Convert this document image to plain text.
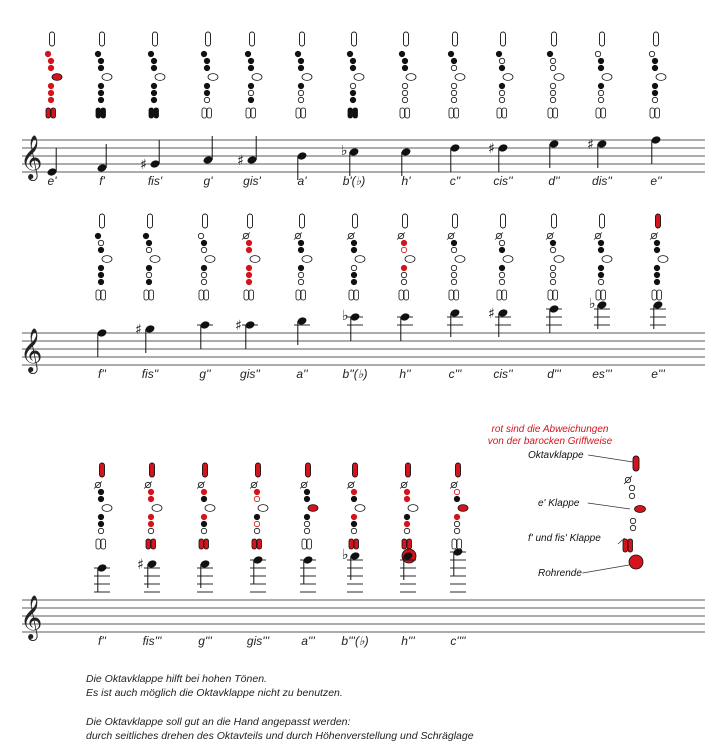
𝄞
𝄞
𝄞
♯	♯
♭	♯	♯
e'	f'	fis'	g'	gis'	a'	b'(♭)	h'	c''	cis''	d''	dis''	e''
♯	♯
♭	♯
♭
f''	fis''	g'' gis''	a''	b''(♭)	h''	c'''	cis''	d'''	es'''	e'''
♯
♭
f''	fis'''	g'''	gis'''	a''' b'''(♭)	h'''	c''''
rot sind die Abweichungen
von der barocken Griffweise
Oktavklappe
e' Klappe
f' und fis' Klappe
Rohrende
Die Oktavklappe hilft bei hohen Tönen.
Es ist auch möglich die Oktavklappe nicht zu benutzen.
Die Oktavklappe soll gut an die Hand angepasst werden:
durch seitliches drehen des Oktavteils und durch Höhenverstellung und Schräglage
